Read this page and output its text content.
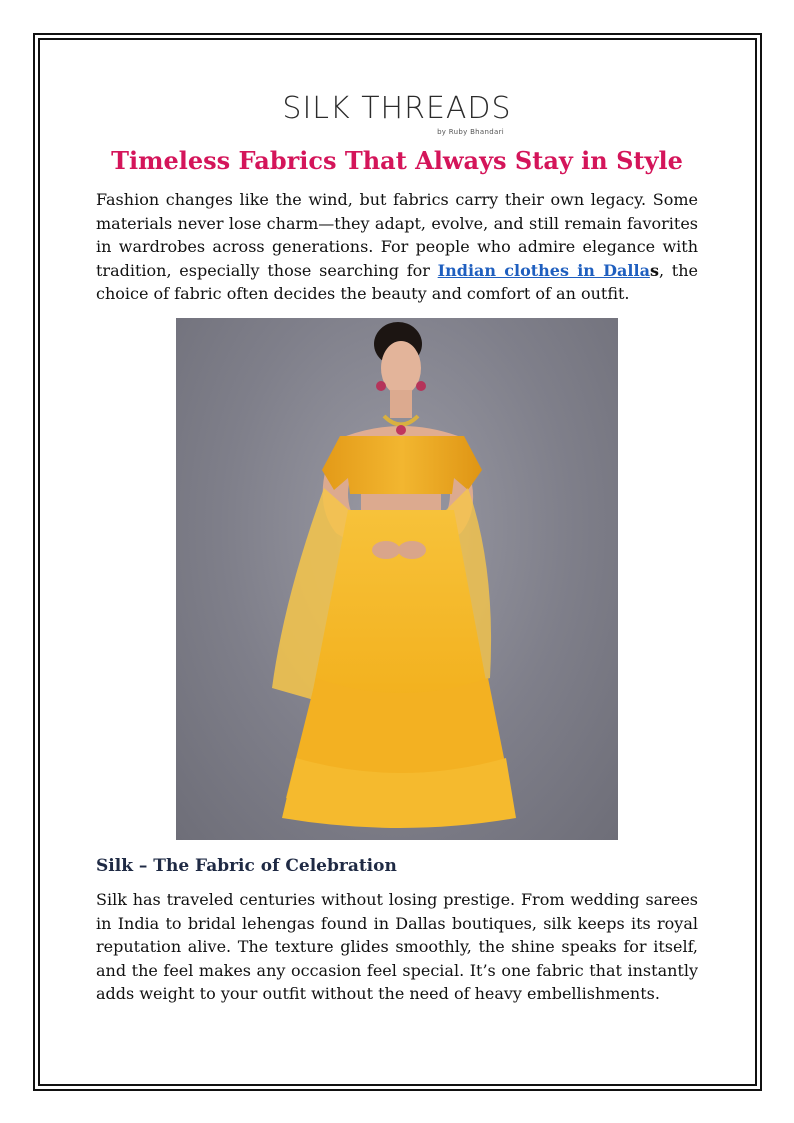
SILK THREADS
by Ruby Bhandari
Timeless Fabrics That Always Stay in Style
Fashion changes like the wind, but fabrics carry their own legacy. Some materials never lose charm—they adapt, evolve, and still remain favorites in wardrobes across generations. For people who admire elegance with tradition, especially those searching for Indian clothes in Dallas, the choice of fabric often decides the beauty and comfort of an outfit.
Silk – The Fabric of Celebration
Silk has traveled centuries without losing prestige. From wedding sarees in India to bridal lehengas found in Dallas boutiques, silk keeps its royal reputation alive. The texture glides smoothly, the shine speaks for itself, and the feel makes any occasion feel special. It’s one fabric that instantly adds weight to your outfit without the need of heavy embellishments.
